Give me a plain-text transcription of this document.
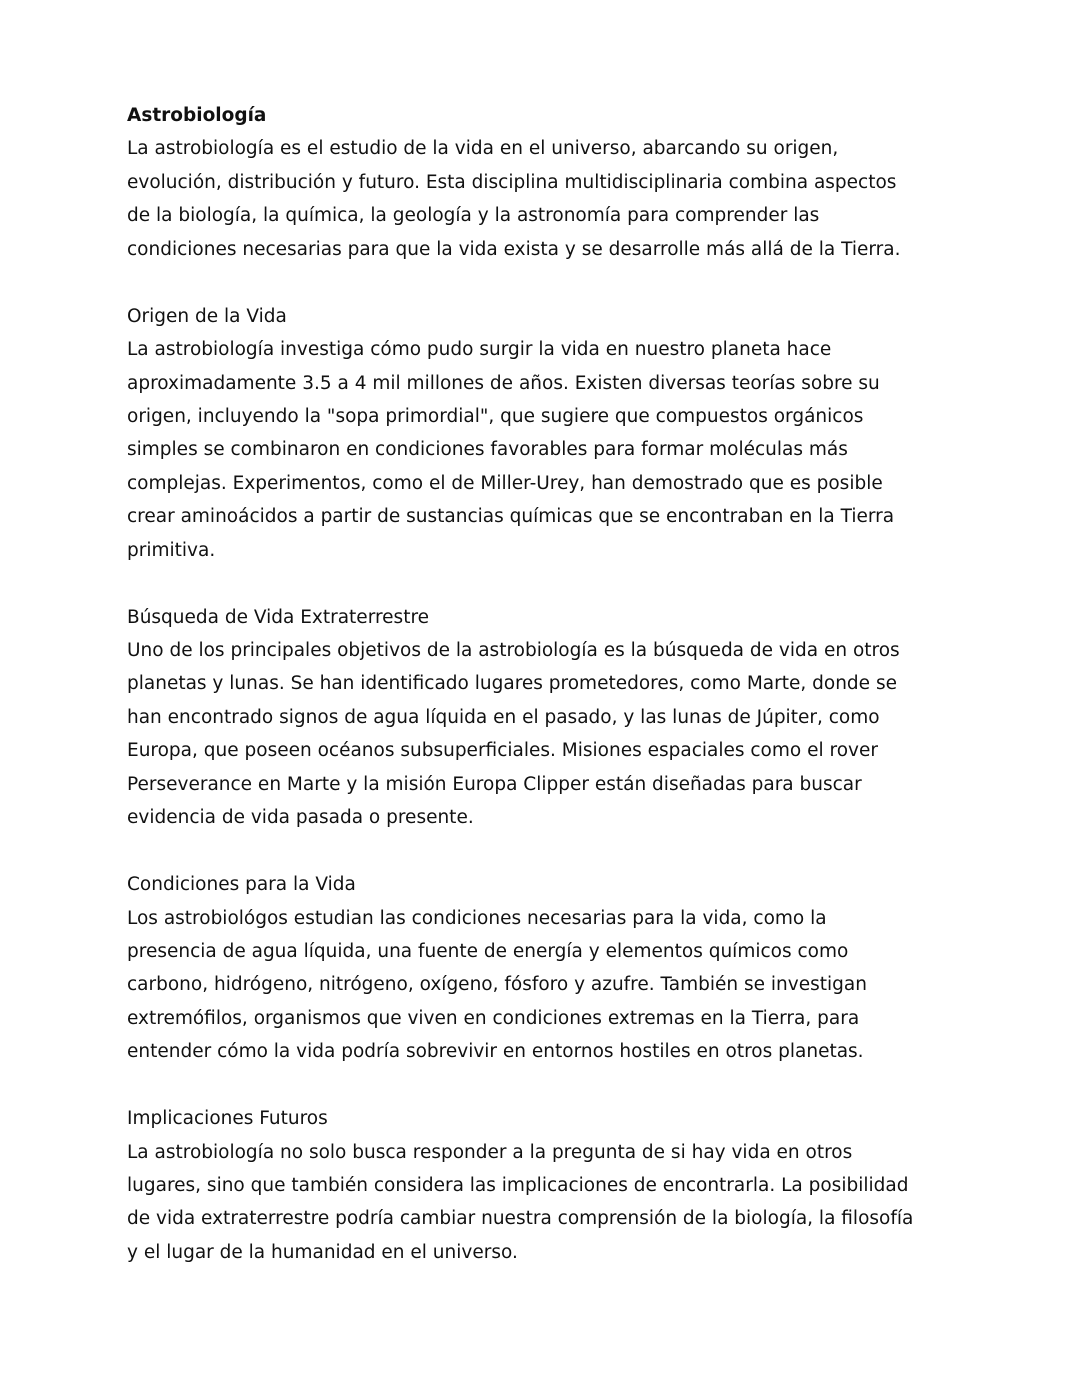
Astrobiología
La astrobiología es el estudio de la vida en el universo, abarcando su origen,
evolución, distribución y futuro. Esta disciplina multidisciplinaria combina aspectos
de la biología, la química, la geología y la astronomía para comprender las
condiciones necesarias para que la vida exista y se desarrolle más allá de la Tierra.
Origen de la Vida
La astrobiología investiga cómo pudo surgir la vida en nuestro planeta hace
aproximadamente 3.5 a 4 mil millones de años. Existen diversas teorías sobre su
origen, incluyendo la "sopa primordial", que sugiere que compuestos orgánicos
simples se combinaron en condiciones favorables para formar moléculas más
complejas. Experimentos, como el de Miller-Urey, han demostrado que es posible
crear aminoácidos a partir de sustancias químicas que se encontraban en la Tierra
primitiva.
Búsqueda de Vida Extraterrestre
Uno de los principales objetivos de la astrobiología es la búsqueda de vida en otros
planetas y lunas. Se han identificado lugares prometedores, como Marte, donde se
han encontrado signos de agua líquida en el pasado, y las lunas de Júpiter, como
Europa, que poseen océanos subsuperficiales. Misiones espaciales como el rover
Perseverance en Marte y la misión Europa Clipper están diseñadas para buscar
evidencia de vida pasada o presente.
Condiciones para la Vida
Los astrobiológos estudian las condiciones necesarias para la vida, como la
presencia de agua líquida, una fuente de energía y elementos químicos como
carbono, hidrógeno, nitrógeno, oxígeno, fósforo y azufre. También se investigan
extremófilos, organismos que viven en condiciones extremas en la Tierra, para
entender cómo la vida podría sobrevivir en entornos hostiles en otros planetas.
Implicaciones Futuros
La astrobiología no solo busca responder a la pregunta de si hay vida en otros
lugares, sino que también considera las implicaciones de encontrarla. La posibilidad
de vida extraterrestre podría cambiar nuestra comprensión de la biología, la filosofía
y el lugar de la humanidad en el universo.
